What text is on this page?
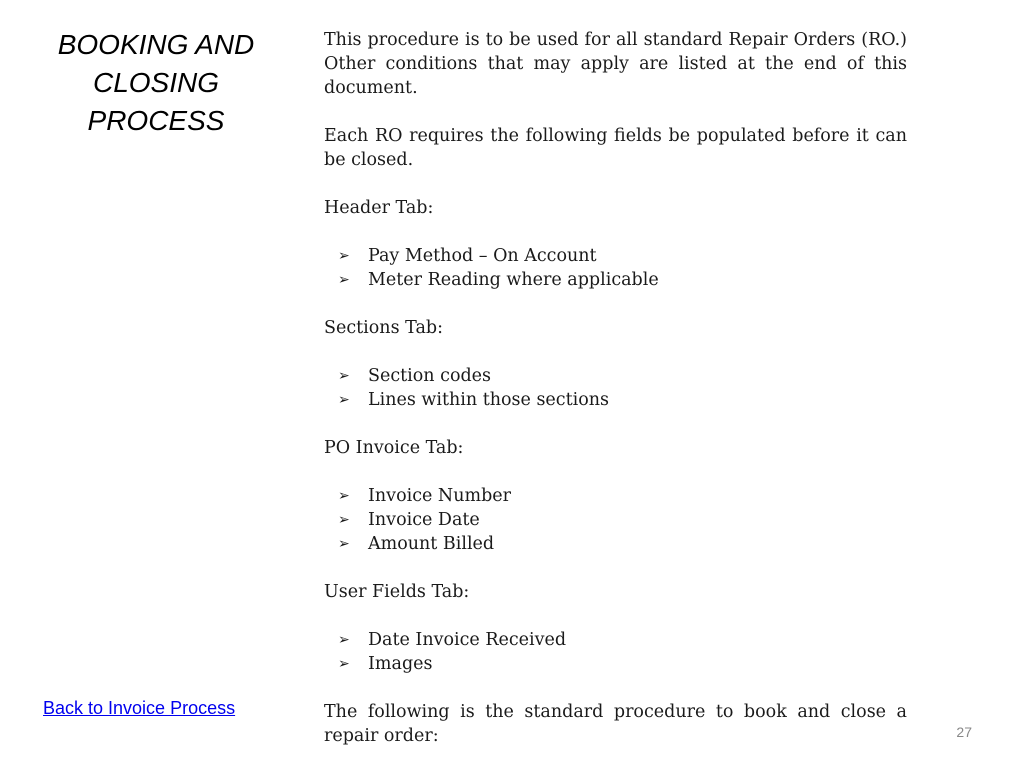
BOOKING AND
CLOSING
PROCESS

This procedure is to be used for all standard Repair Orders (RO.)

Other conditions that may apply are listed at the end of this

document.

Each RO requires the following fields be populated before it can

be closed.

Header Tab:

➢ Pay Method – On Account
➢ Meter Reading where applicable

Sections Tab:

➢ Section codes
➢ Lines within those sections

PO Invoice Tab:

➢ Invoice Number
➢ Invoice Date
➢ Amount Billed

User Fields Tab:

➢ Date Invoice Received
➢ Images

The following is the standard procedure to book and close a

repair order:

Back to Invoice Process
27
